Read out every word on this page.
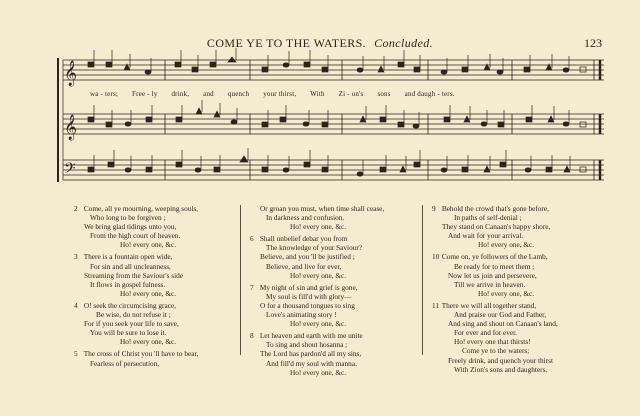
COME YE TO THE WATERS. Concluded.	123
𝄞
𝄞
𝄢
wa - ters; Free - ly drink, and quench your thirst, With Zi - on's sons and daugh - ters.
2 Come, all ye mourning, weeping souls,
Who long to be forgiven ;
We bring glad tidings unto you,
From the high court of heaven.
Ho! every one, &c.
3 There is a fountain open wide,
For sin and all uncleanness,
Streaming from the Saviour's side
It flows in gospel fulness.
Ho! every one, &c.
4 O! seek the circumcising grace,
Be wise, do not refuse it ;
For if you seek your life to save,
You will be sure to lose it.
Ho! every one, &c.
5 The cross of Christ you 'll have to bear,
Fearless of persecution,
Or groan you must, when time shall cease,
In darkness and confusion.
Ho! every one, &c.
6 Shall unbelief debar you from
The knowledge of your Saviour?
Believe, and you 'll be justified ;
Believe, and live for ever,
Ho! every one, &c.
7 My night of sin and grief is gone,
My soul is fill'd with glory—
O for a thousand tongues to sing
Love's animating story !
Ho! every one, &c.
8 Let heaven and earth with me unite
To sing and shout hosanna ;
The Lord has pardon'd all my sins,
And fill'd my soul with manna.
Ho! every one, &c.
9 Behold the crowd that's gone before,
In paths of self-denial ;
They stand on Canaan's happy shore,
And wait for your arrival.
Ho! every one, &c.
10 Come on, ye followers of the Lamb,
Be ready for to meet them ;
Now let us join and persevere,
Till we arrive in heaven.
Ho! every one, &c.
11 There we will all together stand,
And praise our God and Father,
And sing and shout on Canaan's land,
For ever and for ever.
Ho! every one that thirsts!
Come ye to the waters;
Freely drink, and quench your thirst
With Zion's sons and daughters.
